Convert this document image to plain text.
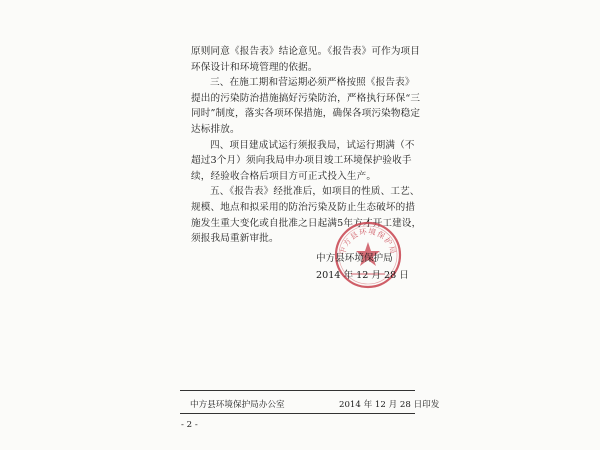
原则同意《报告表》结论意见。《报告表》可作为项目环保设计和环境管理的依据。

三、在施工期和营运期必须严格按照《报告表》提出的污染防治措施搞好污染防治，严格执行环保“三同时”制度，落实各项环保措施，确保各项污染物稳定达标排放。

四、项目建成试运行须报我局，试运行期满（不超过3个月）须向我局申办项目竣工环境保护验收手续，经验收合格后项目方可正式投入生产。

五、《报告表》经批准后，如项目的性质、工艺、规模、地点和拟采用的防治污染及防止生态破坏的措施发生重大变化或自批准之日起满5年方才开工建设，须报我局重新审批。

中方县环境保护局
中方县环境保护局
2014 年 12 月 28 日
中方县环境保护局办公室	2014 年 12 月 28 日印发
- 2 -
